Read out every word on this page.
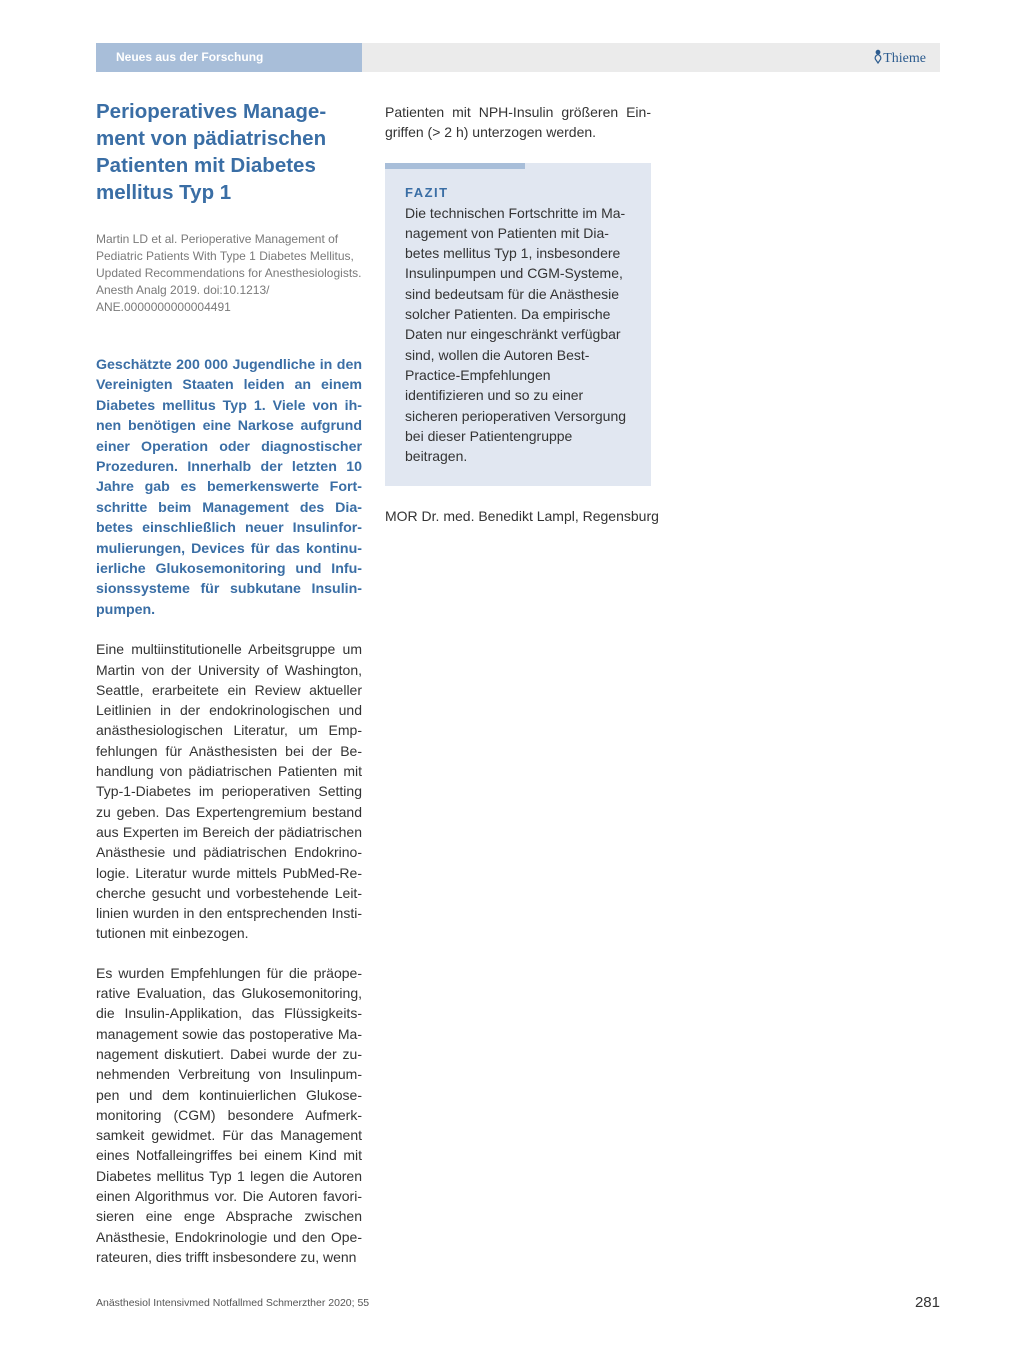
Neues aus der Forschung	Thieme
Perioperatives Management von pädiatrischen Patienten mit Diabetes mellitus Typ 1
Martin LD et al. Perioperative Management of Pediatric Patients With Type 1 Diabetes Mellitus, Updated Recommendations for Anesthesiologists. Anesth Analg 2019. doi:10.1213/ ANE.0000000000004491

Geschätzte 200 000 Jugendliche in den Vereinigten Staaten leiden an einem Diabetes mellitus Typ 1. Viele von ihnen benötigen eine Narkose aufgrund einer Operation oder diagnostischer Prozeduren. Innerhalb der letzten 10 Jahre gab es bemerkenswerte Fortschritte beim Management des Diabetes einschließlich neuer Insulinformulierungen, Devices für das kontinuierliche Glukosemonitoring und Infusionssysteme für subkutane Insulinpumpen.

Eine multiinstitutionelle Arbeitsgruppe um Martin von der University of Washington, Seattle, erarbeitete ein Review aktueller Leitlinien in der endokrinologischen und anästhesiologischen Literatur, um Empfehlungen für Anästhesisten bei der Behandlung von pädiatrischen Patienten mit Typ-1-Diabetes im perioperativen Setting zu geben. Das Expertengremium bestand aus Experten im Bereich der pädiatrischen Anästhesie und pädiatrischen Endokrinologie. Literatur wurde mittels PubMed-Recherche gesucht und vorbestehende Leitlinien wurden in den entsprechenden Institutionen mit einbezogen.

Es wurden Empfehlungen für die präoperative Evaluation, das Glukosemonitoring, die Insulin-Applikation, das Flüssigkeitsmanagement sowie das postoperative Management diskutiert. Dabei wurde der zunehmenden Verbreitung von Insulinpumpen und dem kontinuierlichen Glukosemonitoring (CGM) besondere Aufmerksamkeit gewidmet. Für das Management eines Notfalleingriffes bei einem Kind mit Diabetes mellitus Typ 1 legen die Autoren einen Algorithmus vor. Die Autoren favorisieren eine enge Absprache zwischen Anästhesie, Endokrinologie und den Operateuren, dies trifft insbesondere zu, wenn

Patienten mit NPH-Insulin größeren Eingriffen (> 2 h) unterzogen werden.

FAZIT
Die technischen Fortschritte im Management von Patienten mit Diabetes mellitus Typ 1, insbesondere Insulinpumpen und CGM-Systeme, sind bedeutsam für die Anästhesie solcher Patienten. Da empirische Daten nur eingeschränkt verfügbar sind, wollen die Autoren Best-Practice-Empfehlungen identifizieren und so zu einer sicheren perioperativen Versorgung bei dieser Patientengruppe beitragen.
MOR Dr. med. Benedikt Lampl, Regensburg
Anästhesiol Intensivmed Notfallmed Schmerzther 2020; 55	281
